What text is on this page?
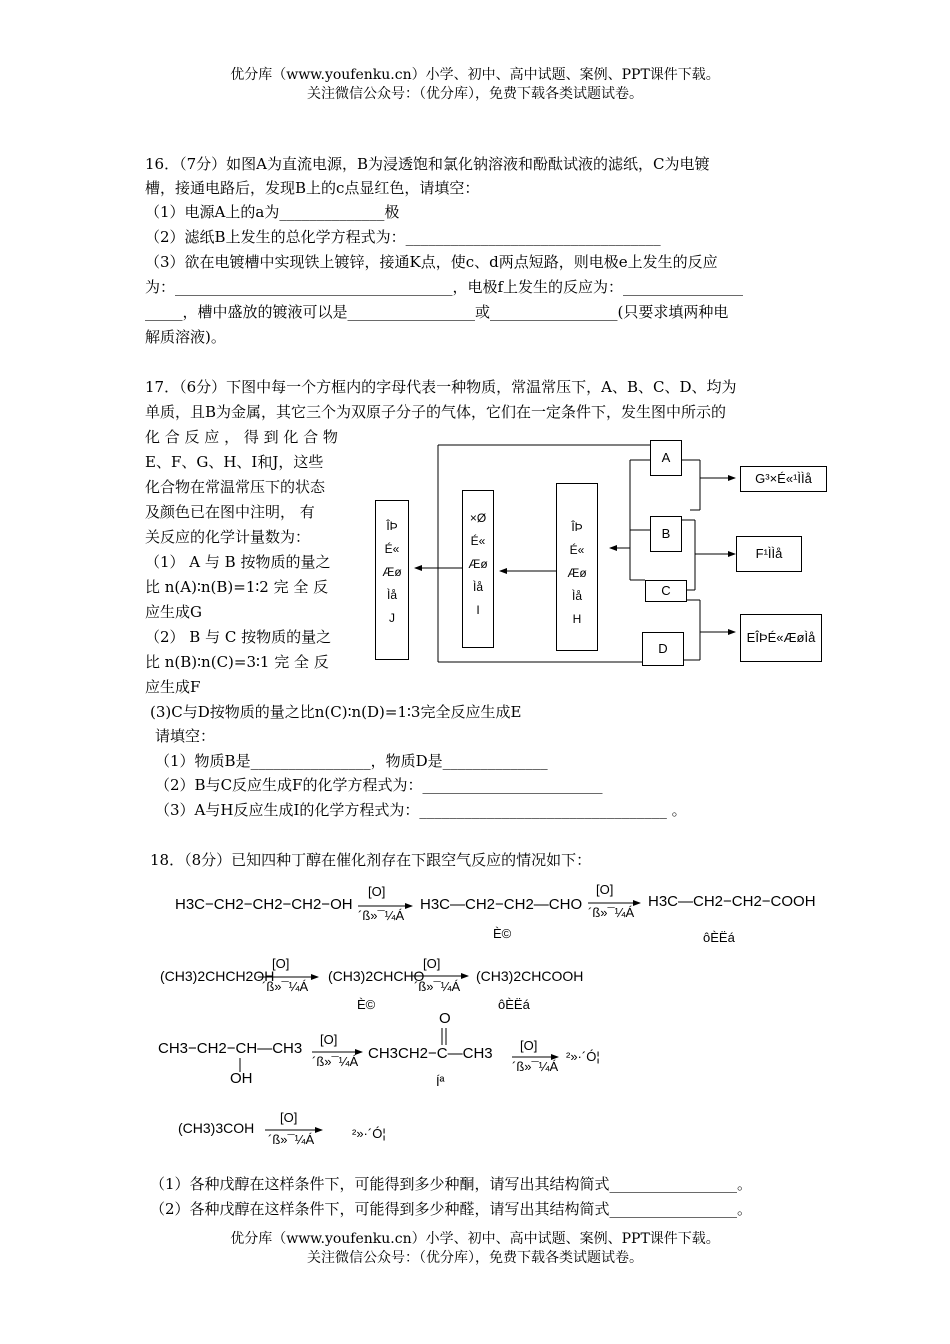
优分库（www.youfenku.cn）小学、初中、高中试题、案例、PPT课件下载。
关注微信公众号：（优分库），免费下载各类试题试卷。
16．（7分）如图A为直流电源，B为浸透饱和氯化钠溶液和酚酞试液的滤纸，C为电镀
槽，接通电路后，发现B上的c点显红色，请填空：
（1）电源A上的a为______________极
（2）滤纸B上发生的总化学方程式为：__________________________________
（3）欲在电镀槽中实现铁上镀锌，接通K点，使c、d两点短路，则电极e上发生的反应
为：_____________________________________，电极f上发生的反应为：________________
_____，槽中盛放的镀液可以是_________________或_________________(只要求填两种电
解质溶液)。
17．（6分）下图中每一个方框内的字母代表一种物质，常温常压下，A、B、C、D、均为
单质，且B为金属，其它三个为双原子分子的气体，它们在一定条件下，发生图中所示的
化 合 反 应 ， 得 到 化 合 物
E、F、G、H、I和J，这些
化合物在常温常压下的状态
及颜色已在图中注明， 有
关反应的化学计量数为：
（1） A 与 B 按物质的量之
比 n(A)∶n(B)=1∶2 完 全 反
应生成G
（2） B 与 C 按物质的量之
比 n(B)∶n(C)=3∶1 完 全 反
应生成F
A
B
C
D
G³×É«¹ÌÌå
F¹ÌÌå
EÎÞÉ«ÆøÌå
ÎÞ
É«
Æø
Ìå
H
×Ø
É«
Æø
Ìå
I
ÎÞ
É«
Æø
Ìå
J
(3)C与D按物质的量之比n(C)∶n(D)=1∶3完全反应生成E
请填空：
（1）物质B是________________，物质D是______________
（2）B与C反应生成F的化学方程式为：________________________
（3）A与H反应生成I的化学方程式为：_________________________________ 。
18．（8分）已知四种丁醇在催化剂存在下跟空气反应的情况如下：
H3C−CH2−CH2−CH2−OH
[O]
´ß»¯¼Á
H3C—CH2−CH2—CHO
È©
[O]
´ß»¯¼Á
H3C—CH2−CH2−COOH
ôÈËá
(CH3)2CHCH2OH
[O]
´ß»¯¼Á
(CH3)2CHCHO
È©
[O]
´ß»¯¼Á
(CH3)2CHCOOH
ôÈËá
CH3−CH2−CH—CH3
OH
[O]
´ß»¯¼Á
O
CH3CH2−C—CH3
Íª
[O]
´ß»¯¼Á
²»·´Ó¦
(CH3)3COH
[O]
´ß»¯¼Á	²»·´Ó¦
（1）各种戊醇在这样条件下，可能得到多少种酮，请写出其结构简式_________________。
（2）各种戊醇在这样条件下，可能得到多少种醛，请写出其结构简式_________________。
优分库（www.youfenku.cn）小学、初中、高中试题、案例、PPT课件下载。
关注微信公众号：（优分库），免费下载各类试题试卷。
